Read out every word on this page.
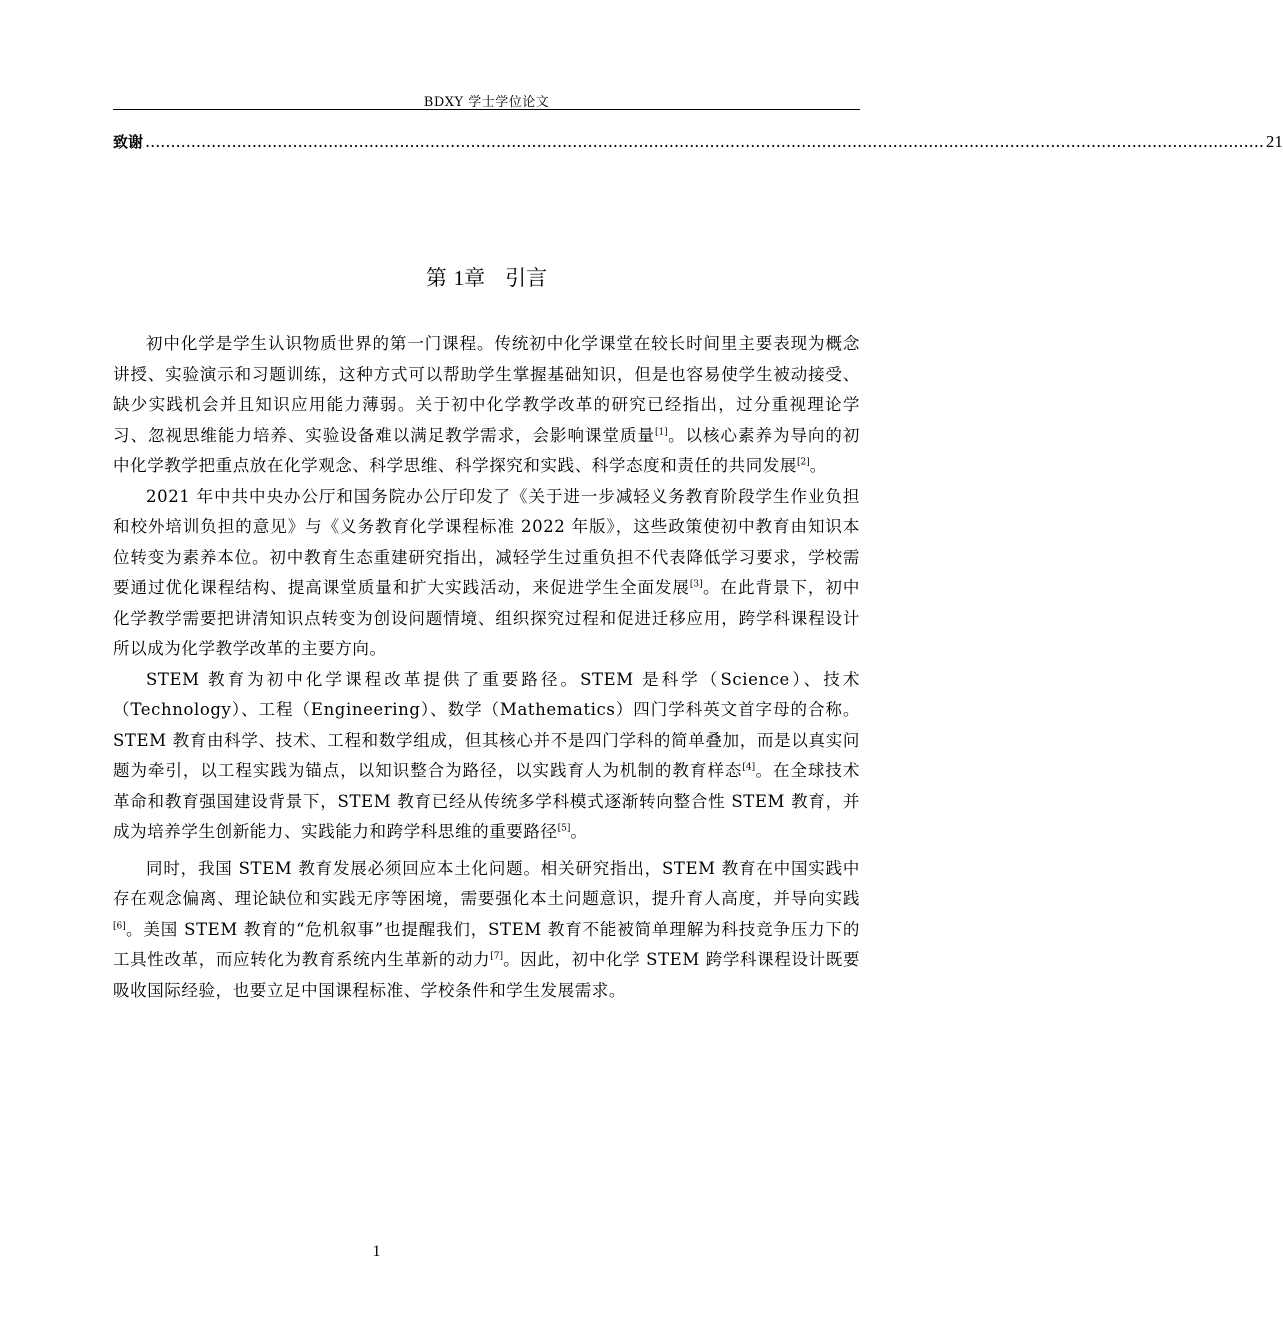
BDXY 学士学位论文
致谢 ............................................................................................................................................................................................................................ 21
第 1章 引言

初中化学是学生认识物质世界的第一门课程。传统初中化学课堂在较长时间里主要表现为概念讲授、实验演示和习题训练，这种方式可以帮助学生掌握基础知识，但是也容易使学生被动接受、缺少实践机会并且知识应用能力薄弱。关于初中化学教学改革的研究已经指出，过分重视理论学习、忽视思维能力培养、实验设备难以满足教学需求，会影响课堂质量[1]。以核心素养为导向的初中化学教学把重点放在化学观念、科学思维、科学探究和实践、科学态度和责任的共同发展[2]。

2021 年中共中央办公厅和国务院办公厅印发了《关于进一步减轻义务教育阶段学生作业负担和校外培训负担的意见》与《义务教育化学课程标准 2022 年版》，这些政策使初中教育由知识本位转变为素养本位。初中教育生态重建研究指出，减轻学生过重负担不代表降低学习要求，学校需要通过优化课程结构、提高课堂质量和扩大实践活动，来促进学生全面发展[3]。在此背景下，初中化学教学需要把讲清知识点转变为创设问题情境、组织探究过程和促进迁移应用，跨学科课程设计所以成为化学教学改革的主要方向。

STEM 教育为初中化学课程改革提供了重要路径。STEM 是科学（Science）、技术（Technology）、工程（Engineering）、数学（Mathematics）四门学科英文首字母的合称。STEM 教育由科学、技术、工程和数学组成，但其核心并不是四门学科的简单叠加，而是以真实问题为牵引，以工程实践为锚点，以知识整合为路径，以实践育人为机制的教育样态[4]。在全球技术革命和教育强国建设背景下，STEM 教育已经从传统多学科模式逐渐转向整合性 STEM 教育，并成为培养学生创新能力、实践能力和跨学科思维的重要路径[5]。

同时，我国 STEM 教育发展必须回应本土化问题。相关研究指出，STEM 教育在中国实践中存在观念偏离、理论缺位和实践无序等困境，需要强化本土问题意识，提升育人高度，并导向实践 [6]。美国 STEM 教育的“危机叙事”也提醒我们，STEM 教育不能被简单理解为科技竞争压力下的工具性改革，而应转化为教育系统内生革新的动力[7]。因此，初中化学 STEM 跨学科课程设计既要吸收国际经验，也要立足中国课程标准、学校条件和学生发展需求。

1
